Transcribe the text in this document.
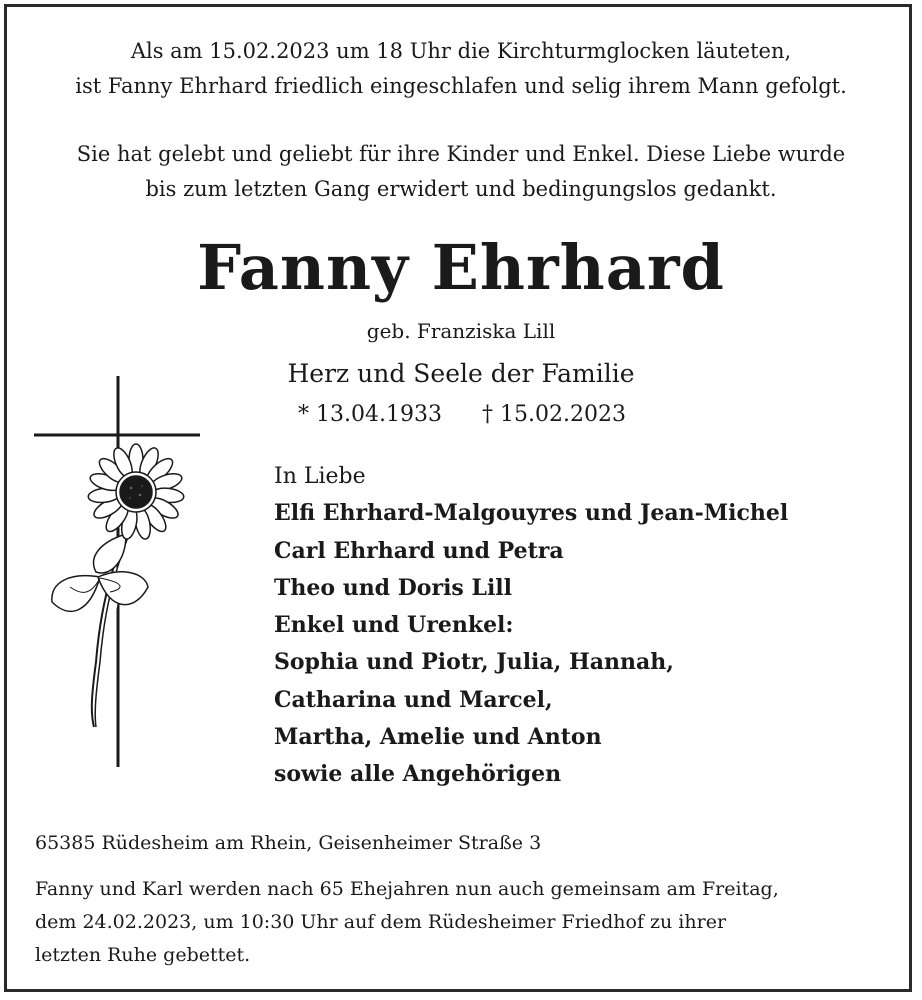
Als am 15.02.2023 um 18 Uhr die Kirchturmglocken läuteten,
ist Fanny Ehrhard friedlich eingeschlafen und selig ihrem Mann gefolgt.

Sie hat gelebt und geliebt für ihre Kinder und Enkel. Diese Liebe wurde
bis zum letzten Gang erwidert und bedingungslos gedankt.

Fanny Ehrhard
geb. Franziska Lill
Herz und Seele der Familie
* 13.04.1933 † 15.02.2023
In Liebe
Elfi Ehrhard-Malgouyres und Jean-Michel
Carl Ehrhard und Petra
Theo und Doris Lill
Enkel und Urenkel:
Sophia und Piotr, Julia, Hannah,
Catharina und Marcel,
Martha, Amelie und Anton
sowie alle Angehörigen
65385 Rüdesheim am Rhein, Geisenheimer Straße 3

Fanny und Karl werden nach 65 Ehejahren nun auch gemeinsam am Freitag,
dem 24.02.2023, um 10:30 Uhr auf dem Rüdesheimer Friedhof zu ihrer
letzten Ruhe gebettet.
